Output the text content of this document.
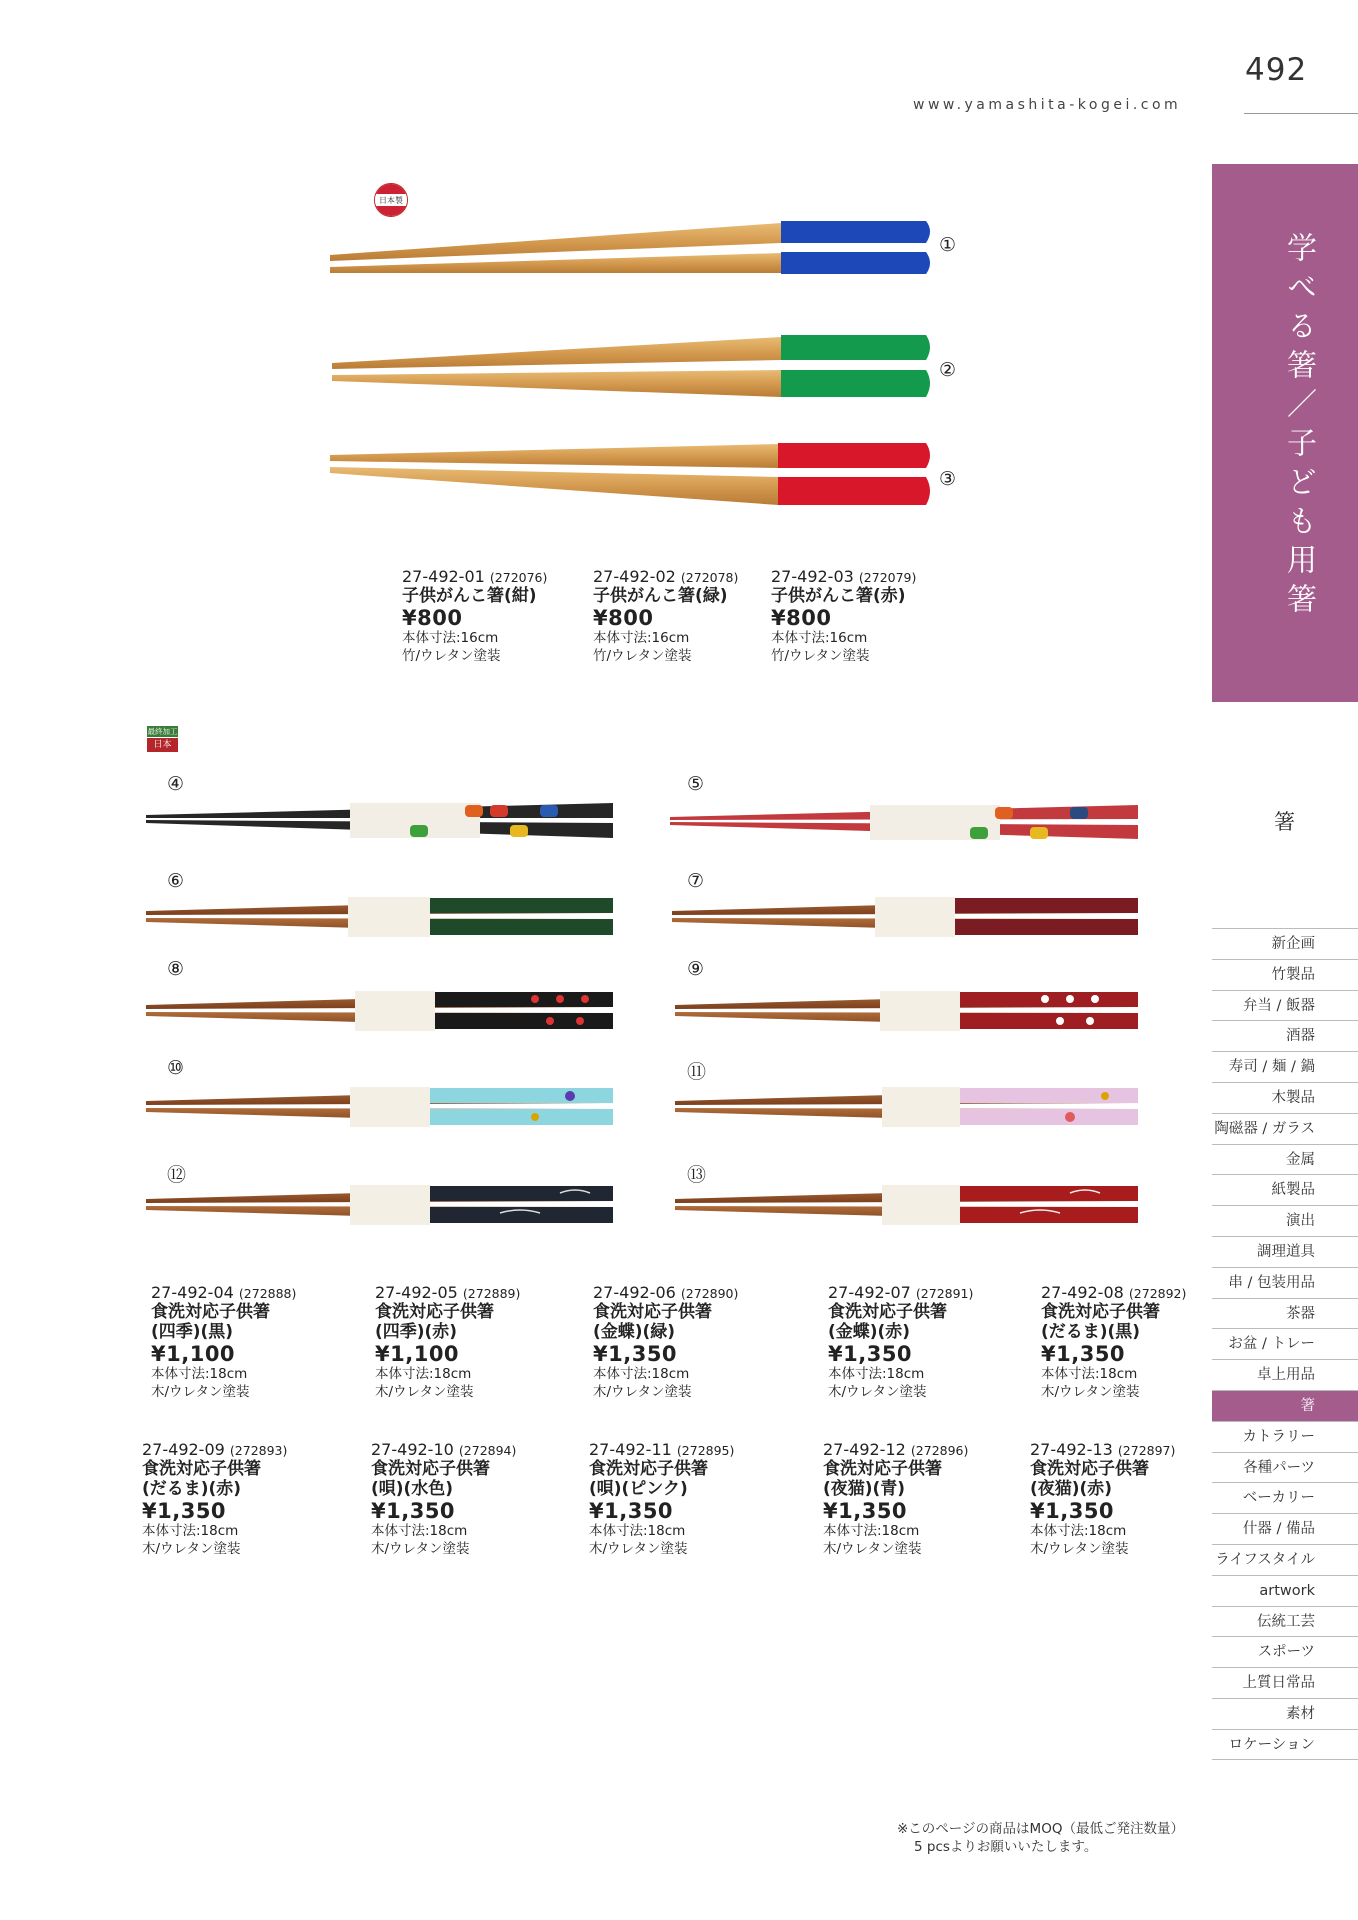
492
www.yamashita-kogei.com
学べる箸／子ども用箸
箸
新企画
竹製品
弁当 / 飯器
酒器
寿司 / 麺 / 鍋
木製品
陶磁器 / ガラス
金属
紙製品
演出
調理道具
串 / 包装用品
茶器
お盆 / トレー
卓上用品
箸
カトラリー
各種パーツ
ベーカリー
什器 / 備品
ライフスタイル
artwork
伝統工芸
スポーツ
上質日常品
素材
ロケーション
日本製
最終加工
日本
①
②
③
④	⑤
⑥	⑦
⑧	⑨
⑩	⑪
⑫	⑬
27-492-01 (272076)
子供がんこ箸(紺)
¥800
本体寸法:16cm
竹/ウレタン塗装
27-492-02 (272078)
子供がんこ箸(緑)
¥800
本体寸法:16cm
竹/ウレタン塗装
27-492-03 (272079)
子供がんこ箸(赤)
¥800
本体寸法:16cm
竹/ウレタン塗装
27-492-04 (272888)
食洗対応子供箸
(四季)(黒)
¥1,100
本体寸法:18cm
木/ウレタン塗装
27-492-05 (272889)
食洗対応子供箸
(四季)(赤)
¥1,100
本体寸法:18cm
木/ウレタン塗装
27-492-06 (272890)
食洗対応子供箸
(金蝶)(緑)
¥1,350
本体寸法:18cm
木/ウレタン塗装
27-492-07 (272891)
食洗対応子供箸
(金蝶)(赤)
¥1,350
本体寸法:18cm
木/ウレタン塗装
27-492-08 (272892)
食洗対応子供箸
(だるま)(黒)
¥1,350
本体寸法:18cm
木/ウレタン塗装
27-492-09 (272893)
食洗対応子供箸
(だるま)(赤)
¥1,350
本体寸法:18cm
木/ウレタン塗装
27-492-10 (272894)
食洗対応子供箸
(唄)(水色)
¥1,350
本体寸法:18cm
木/ウレタン塗装
27-492-11 (272895)
食洗対応子供箸
(唄)(ピンク)
¥1,350
本体寸法:18cm
木/ウレタン塗装
27-492-12 (272896)
食洗対応子供箸
(夜猫)(青)
¥1,350
本体寸法:18cm
木/ウレタン塗装
27-492-13 (272897)
食洗対応子供箸
(夜猫)(赤)
¥1,350
本体寸法:18cm
木/ウレタン塗装
※このページの商品はMOQ（最低ご発注数量）
5 pcsよりお願いいたします。
